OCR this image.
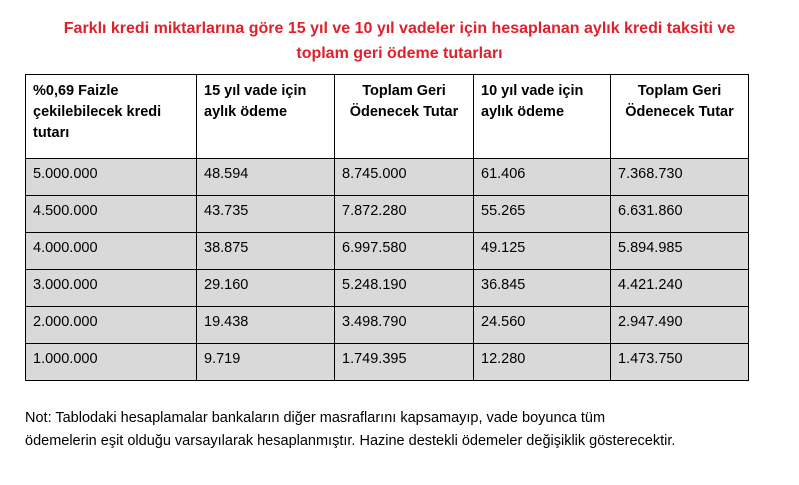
Farklı kredi miktarlarına göre 15 yıl ve 10 yıl vadeler için hesaplanan aylık kredi taksiti ve
toplam geri ödeme tutarları
%0,69 Faizle çekilebilecek kredi tutarı	15 yıl vade için aylık ödeme	Toplam Geri Ödenecek Tutar	10 yıl vade için aylık ödeme	Toplam Geri Ödenecek Tutar
5.000.000	48.594	8.745.000	61.406	7.368.730
4.500.000	43.735	7.872.280	55.265	6.631.860
4.000.000	38.875	6.997.580	49.125	5.894.985
3.000.000	29.160	5.248.190	36.845	4.421.240
2.000.000	19.438	3.498.790	24.560	2.947.490
1.000.000	9.719	1.749.395	12.280	1.473.750
Not: Tablodaki hesaplamalar bankaların diğer masraflarını kapsamayıp, vade boyunca tüm
ödemelerin eşit olduğu varsayılarak hesaplanmıştır. Hazine destekli ödemeler değişiklik gösterecektir.
